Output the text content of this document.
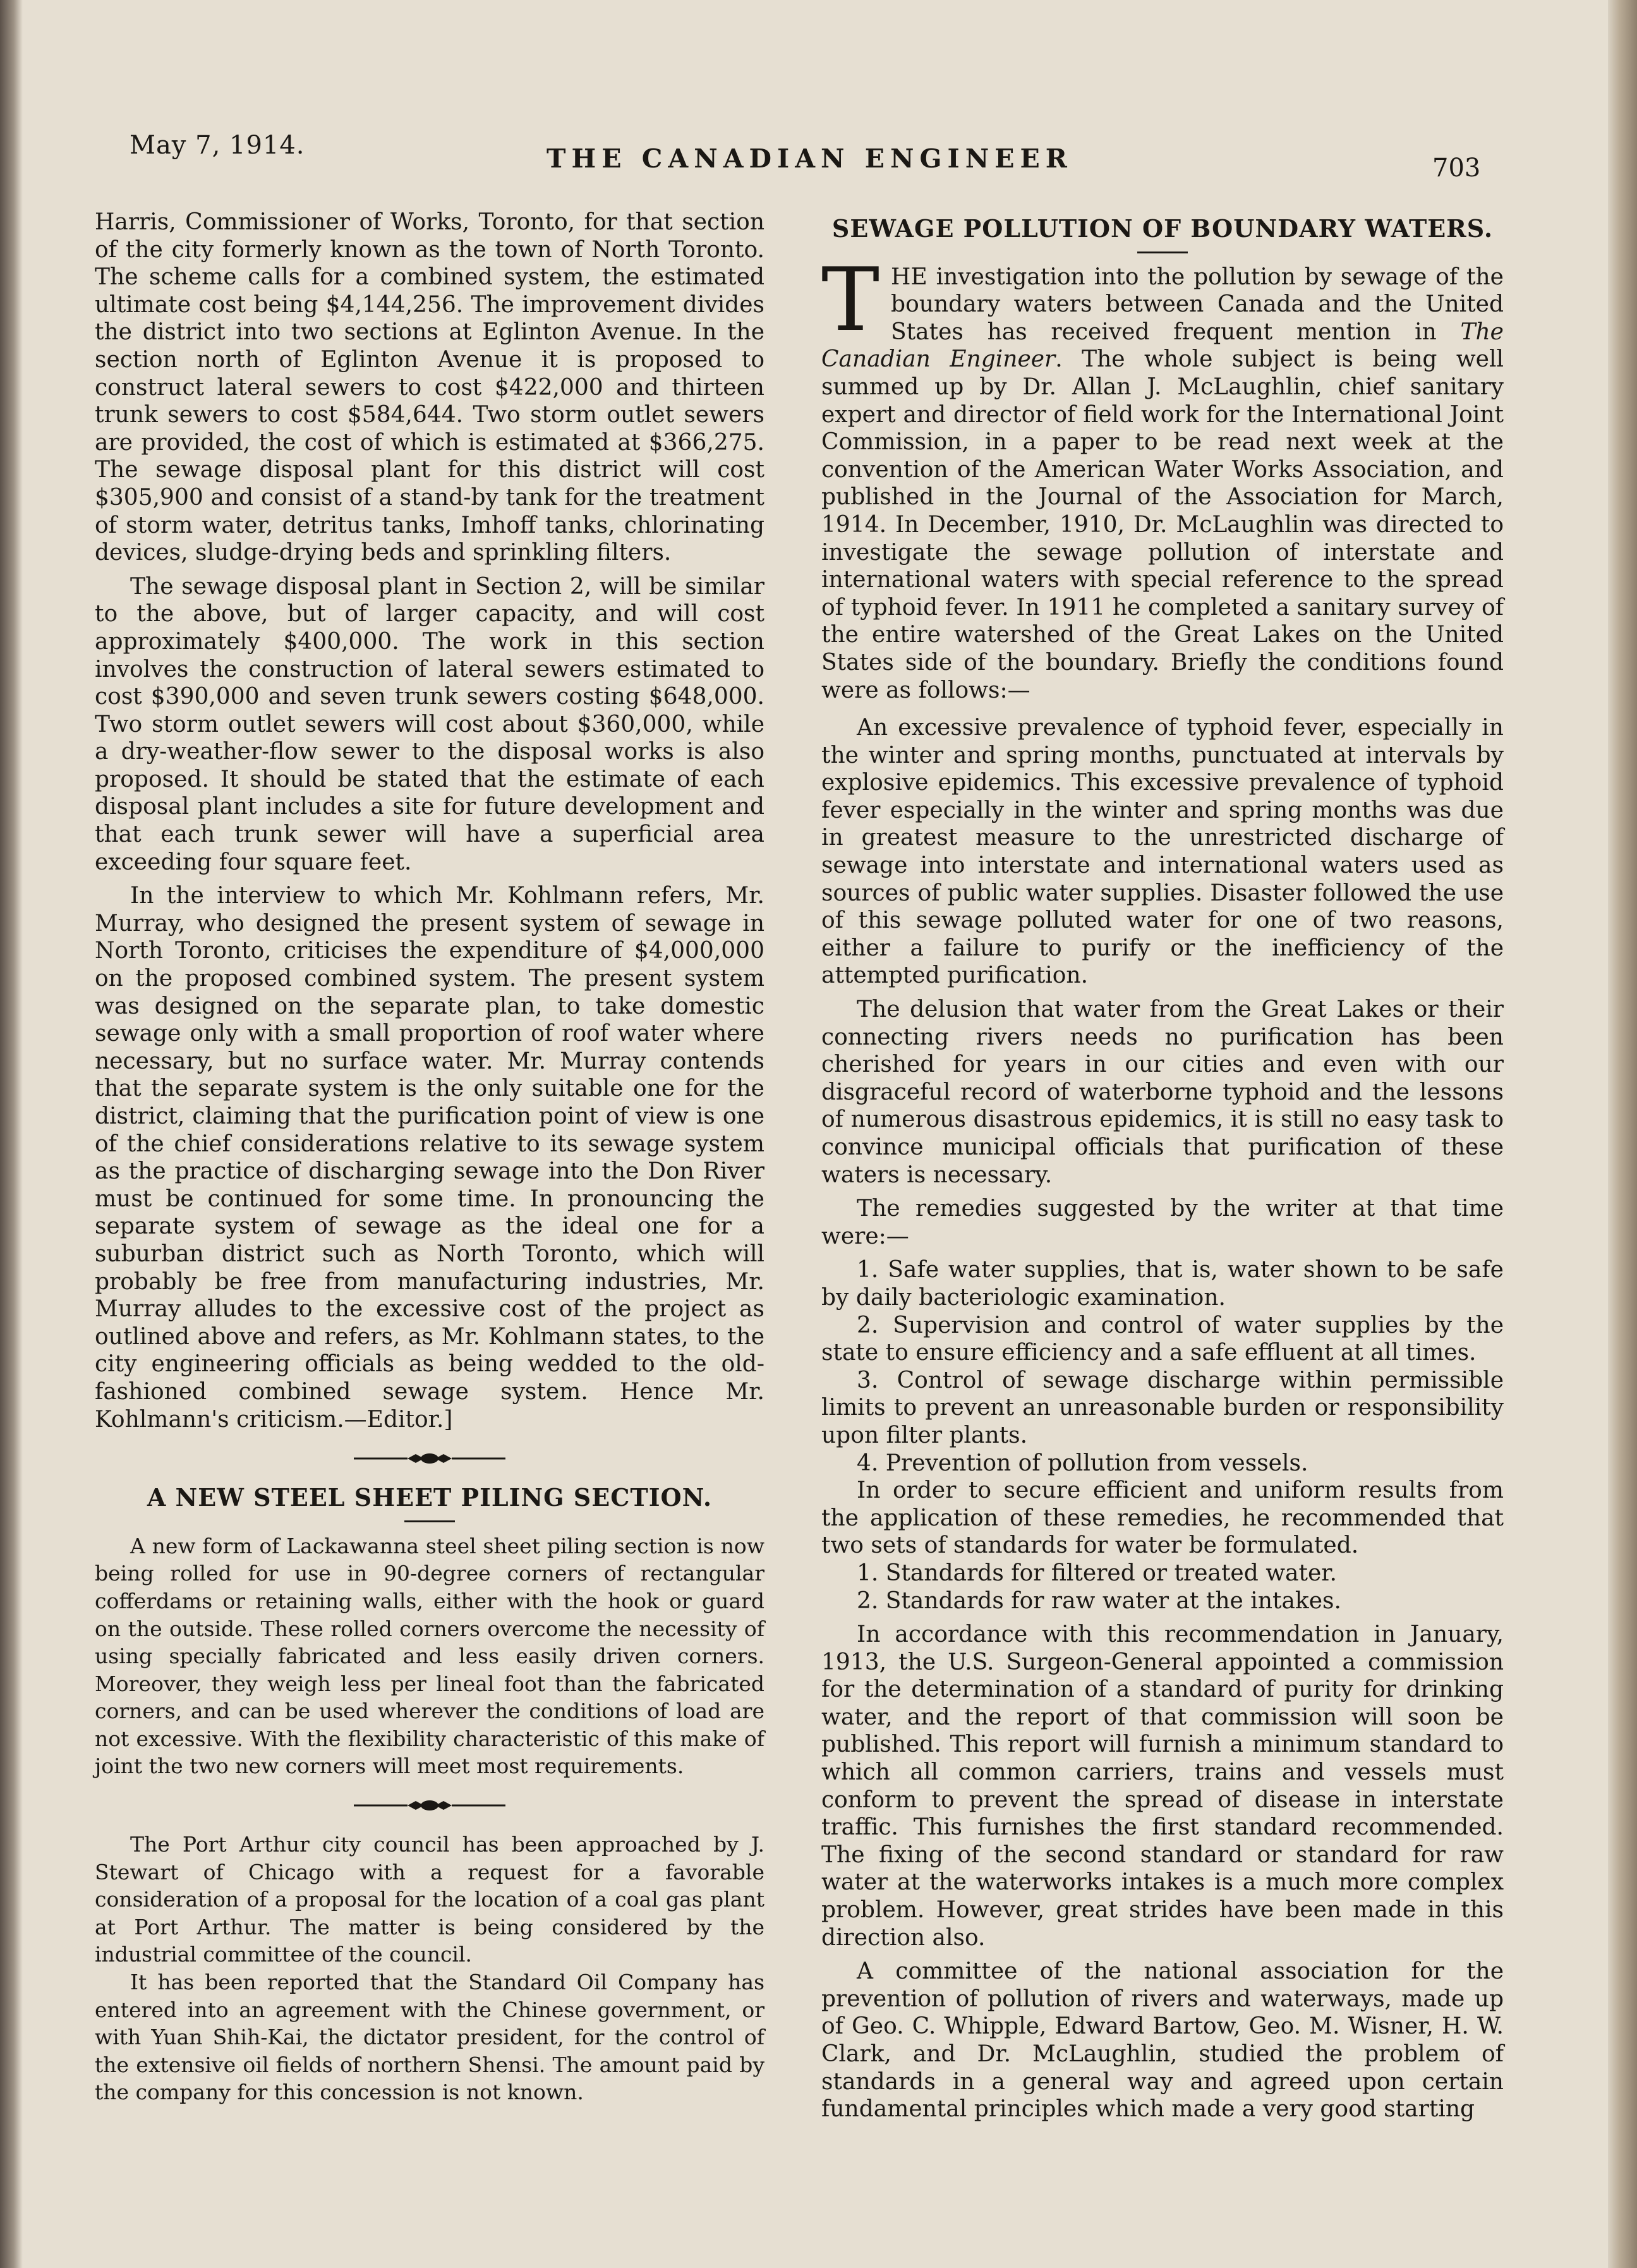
May 7, 1914.	THE CANADIAN ENGINEER	703

Harris, Commissioner of Works, Toronto, for that section of the city formerly known as the town of North Toronto. The scheme calls for a combined system, the estimated ultimate cost being $4,144,256. The improvement divides the district into two sections at Eglinton Avenue. In the section north of Eglinton Avenue it is proposed to construct lateral sewers to cost $422,000 and thirteen trunk sewers to cost $584,644. Two storm outlet sewers are provided, the cost of which is estimated at $366,275. The sewage disposal plant for this district will cost $305,900 and consist of a stand-by tank for the treatment of storm water, detritus tanks, Imhoff tanks, chlorinating devices, sludge-drying beds and sprinkling filters.

The sewage disposal plant in Section 2, will be similar to the above, but of larger capacity, and will cost approximately $400,000. The work in this section involves the construction of lateral sewers estimated to cost $390,000 and seven trunk sewers costing $648,000. Two storm outlet sewers will cost about $360,000, while a dry-weather-flow sewer to the disposal works is also proposed. It should be stated that the estimate of each disposal plant includes a site for future development and that each trunk sewer will have a superficial area exceeding four square feet.

In the interview to which Mr. Kohlmann refers, Mr. Murray, who designed the present system of sewage in North Toronto, criticises the expenditure of $4,000,000 on the proposed combined system. The present system was designed on the separate plan, to take domestic sewage only with a small proportion of roof water where necessary, but no surface water. Mr. Murray contends that the separate system is the only suitable one for the district, claiming that the purification point of view is one of the chief considerations relative to its sewage system as the practice of discharging sewage into the Don River must be continued for some time. In pronouncing the separate system of sewage as the ideal one for a suburban district such as North Toronto, which will probably be free from manufacturing industries, Mr. Murray alludes to the excessive cost of the project as outlined above and refers, as Mr. Kohlmann states, to the city engineering officials as being wedded to the old-fashioned combined sewage system. Hence Mr. Kohlmann's criticism.—Editor.]

A NEW STEEL SHEET PILING SECTION.

A new form of Lackawanna steel sheet piling section is now being rolled for use in 90-degree corners of rectangular cofferdams or retaining walls, either with the hook or guard on the outside. These rolled corners overcome the necessity of using specially fabricated and less easily driven corners. Moreover, they weigh less per lineal foot than the fabricated corners, and can be used wherever the conditions of load are not excessive. With the flexibility characteristic of this make of joint the two new corners will meet most requirements.

The Port Arthur city council has been approached by J. Stewart of Chicago with a request for a favorable consideration of a proposal for the location of a coal gas plant at Port Arthur. The matter is being considered by the industrial committee of the council.

It has been reported that the Standard Oil Company has entered into an agreement with the Chinese government, or with Yuan Shih-Kai, the dictator president, for the control of the extensive oil fields of northern Shensi. The amount paid by the company for this concession is not known.

SEWAGE POLLUTION OF BOUNDARY WATERS.

THE investigation into the pollution by sewage of the boundary waters between Canada and the United States has received frequent mention in The Canadian Engineer. The whole subject is being well summed up by Dr. Allan J. McLaughlin, chief sanitary expert and director of field work for the International Joint Commission, in a paper to be read next week at the convention of the American Water Works Association, and published in the Journal of the Association for March, 1914. In December, 1910, Dr. McLaughlin was directed to investigate the sewage pollution of interstate and international waters with special reference to the spread of typhoid fever. In 1911 he completed a sanitary survey of the entire watershed of the Great Lakes on the United States side of the boundary. Briefly the conditions found were as follows:—

An excessive prevalence of typhoid fever, especially in the winter and spring months, punctuated at intervals by explosive epidemics. This excessive prevalence of typhoid fever especially in the winter and spring months was due in greatest measure to the unrestricted discharge of sewage into interstate and international waters used as sources of public water supplies. Disaster followed the use of this sewage polluted water for one of two reasons, either a failure to purify or the inefficiency of the attempted purification.

The delusion that water from the Great Lakes or their connecting rivers needs no purification has been cherished for years in our cities and even with our disgraceful record of waterborne typhoid and the lessons of numerous disastrous epidemics, it is still no easy task to convince municipal officials that purification of these waters is necessary.

The remedies suggested by the writer at that time were:—

1. Safe water supplies, that is, water shown to be safe by daily bacteriologic examination.

2. Supervision and control of water supplies by the state to ensure efficiency and a safe effluent at all times.

3. Control of sewage discharge within permissible limits to prevent an unreasonable burden or responsibility upon filter plants.

4. Prevention of pollution from vessels.

In order to secure efficient and uniform results from the application of these remedies, he recommended that two sets of standards for water be formulated.

1. Standards for filtered or treated water.

2. Standards for raw water at the intakes.

In accordance with this recommendation in January, 1913, the U.S. Surgeon-General appointed a commission for the determination of a standard of purity for drinking water, and the report of that commission will soon be published. This report will furnish a minimum standard to which all common carriers, trains and vessels must conform to prevent the spread of disease in interstate traffic. This furnishes the first standard recommended. The fixing of the second standard or standard for raw water at the waterworks intakes is a much more complex problem. However, great strides have been made in this direction also.

A committee of the national association for the prevention of pollution of rivers and waterways, made up of Geo. C. Whipple, Edward Bartow, Geo. M. Wisner, H. W. Clark, and Dr. McLaughlin, studied the problem of standards in a general way and agreed upon certain fundamental principles which made a very good starting
